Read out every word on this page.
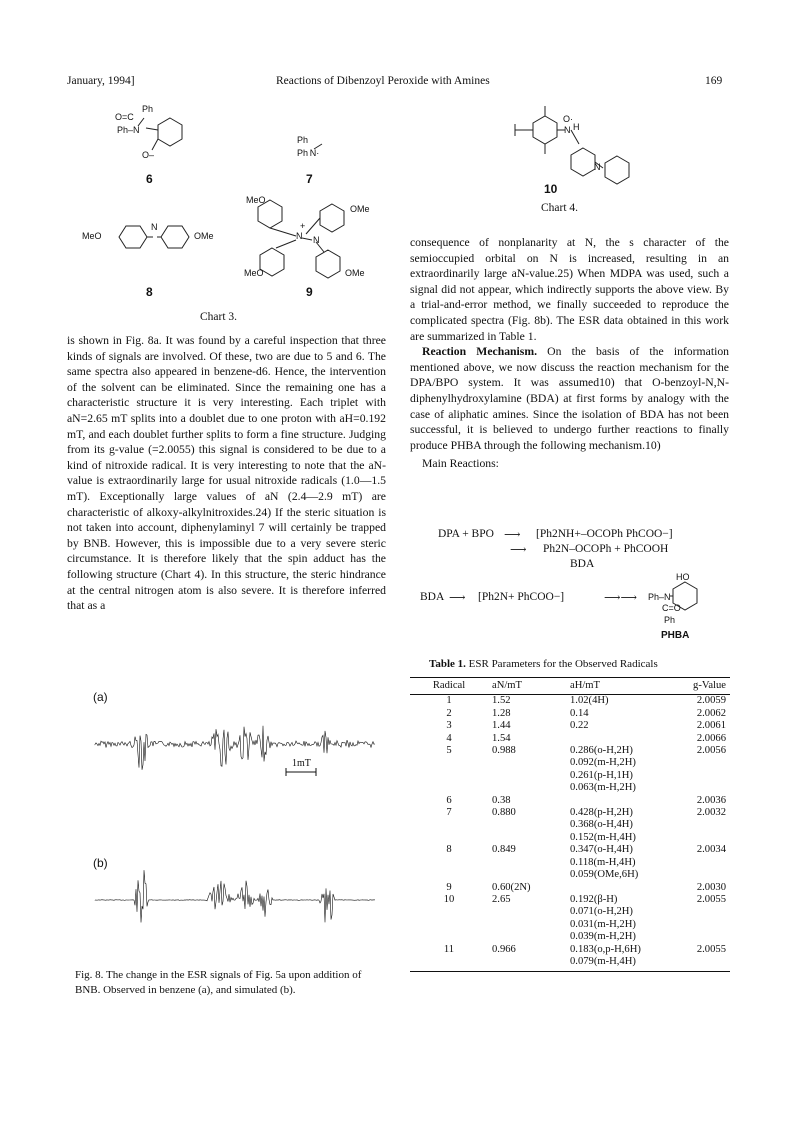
January, 1994]	Reactions of Dibenzoyl Peroxide with Amines	169
O=C
Ph
Ph–N
O–
6
Ph
Ph N·
7
MeO
N
OMe
8
MeO
OMe
N
+
N
MeO	OMe
9
Chart 3.

is shown in Fig. 8a. It was found by a careful inspection that three kinds of signals are involved. Of these, two are due to 5 and 6. The same spectra also appeared in benzene-d6. Hence, the intervention of the solvent can be eliminated. Since the remaining one has a characteristic structure it is very interesting. Each triplet with aN=2.65 mT splits into a doublet due to one proton with aH=0.192 mT, and each doublet further splits to form a fine structure. Judging from its g-value (=2.0055) this signal is considered to be due to a kind of nitroxide radical. It is very interesting to note that the aN-value is extraordinarily large for usual nitroxide radicals (1.0—1.5 mT). Exceptionally large values of aN (2.4—2.9 mT) are characteristic of alkoxy-alkylnitroxides.24) If the steric situation is not taken into account, diphenylaminyl 7 will certainly be trapped by BNB. However, this is impossible due to a very severe steric circumstance. It is therefore likely that the spin adduct has the following structure (Chart 4). In this structure, the steric hindrance at the central nitrogen atom is also severe. It is therefore inferred that as a

(a)
(b)
1mT
Fig. 8. The change in the ESR signals of Fig. 5a upon addition of BNB. Observed in benzene (a), and simulated (b).
O·
N H
N
10
Chart 4.

consequence of nonplanarity at N, the s character of the semioccupied orbital on N is increased, resulting in an extraordinarily large aN-value.25) When MDPA was used, such a signal did not appear, which indirectly supports the above view. By a trial-and-error method, we finally succeeded to reproduce the complicated spectra (Fig. 8b). The ESR data obtained in this work are summarized in Table 1.

Reaction Mechanism. On the basis of the information mentioned above, we now discuss the reaction mechanism for the DPA/BPO system. It was assumed10) that O-benzoyl-N,N-diphenylhydroxylamine (BDA) at first forms by analogy with the case of aliphatic amines. Since the isolation of BDA has not been successful, it is believed to undergo further reactions to finally produce PHBA through the following mechanism.10)

Main Reactions:

DPA + BPO ⟶ [Ph2NH+–OCOPh PhCOO−]
⟶ Ph2N–OCOPh + PhCOOH
BDA
BDA ⟶ [Ph2N+ PhCOO−]	⟶⟶
HO
Ph–N
C=O
Ph
PHBA
Table 1. ESR Parameters for the Observed Radicals
Radical	aN/mT	aH/mT	g-Value
1	1.52	1.02(4H)	2.0059
2	1.28	0.14	2.0062
3	1.44	0.22	2.0061
4	1.54		2.0066
5	0.988	0.286(o-H,2H)	2.0056
		0.092(m-H,2H)	
		0.261(p-H,1H)	
		0.063(m-H,2H)	
6	0.38		2.0036
7	0.880	0.428(p-H,2H)	2.0032
		0.368(o-H,4H)	
		0.152(m-H,4H)	
8	0.849	0.347(o-H,4H)	2.0034
		0.118(m-H,4H)	
		0.059(OMe,6H)	
9	0.60(2N)		2.0030
10	2.65	0.192(β-H)	2.0055
		0.071(o-H,2H)	
		0.031(m-H,2H)	
		0.039(m-H,2H)	
11	0.966	0.183(o,p-H,6H)	2.0055
		0.079(m-H,4H)	
